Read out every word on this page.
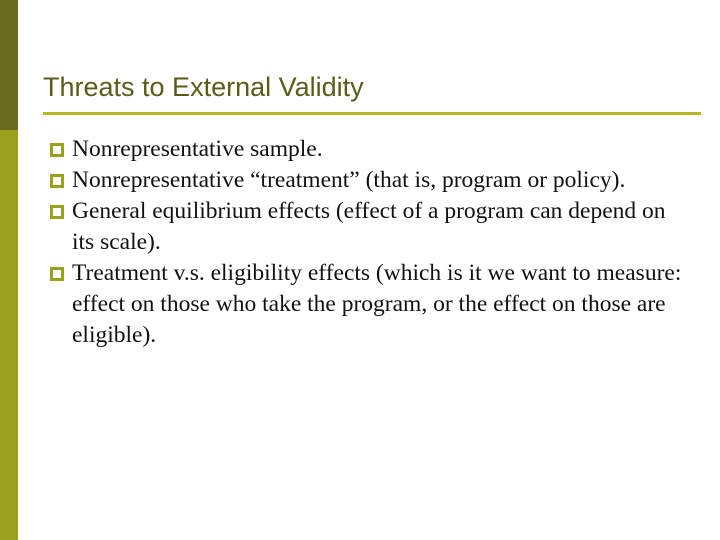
Threats to External Validity
Nonrepresentative sample.
Nonrepresentative “treatment” (that is, program or policy).
General equilibrium effects (effect of a program can depend on its scale).
Treatment v.s. eligibility effects (which is it we want to measure: effect on those who take the program, or the effect on those are eligible).
